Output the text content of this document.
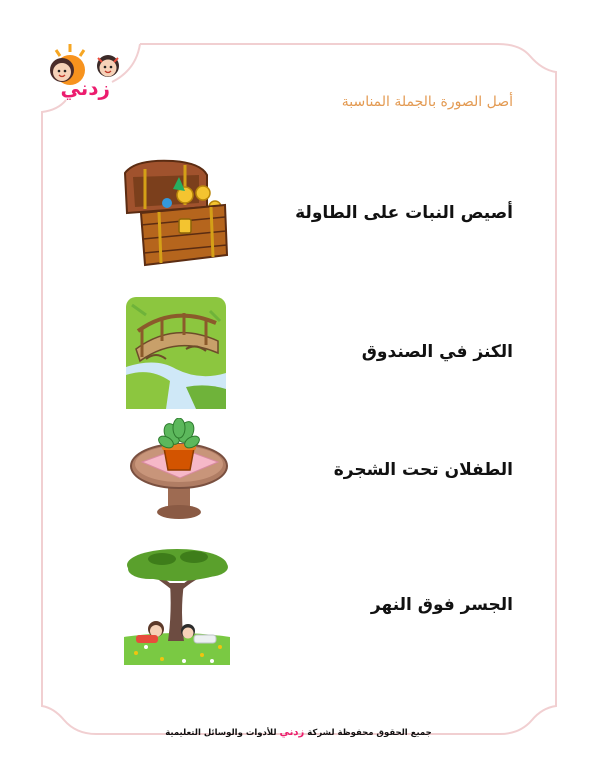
زدني
أصل الصورة بالجملة المناسبة
أصيص النبات على الطاولة
الكنز في الصندوق
الطفلان تحت الشجرة
الجسر فوق النهر
جميع الحقوق محفوظة لشركة زدني للأدوات والوسائل التعليمية
